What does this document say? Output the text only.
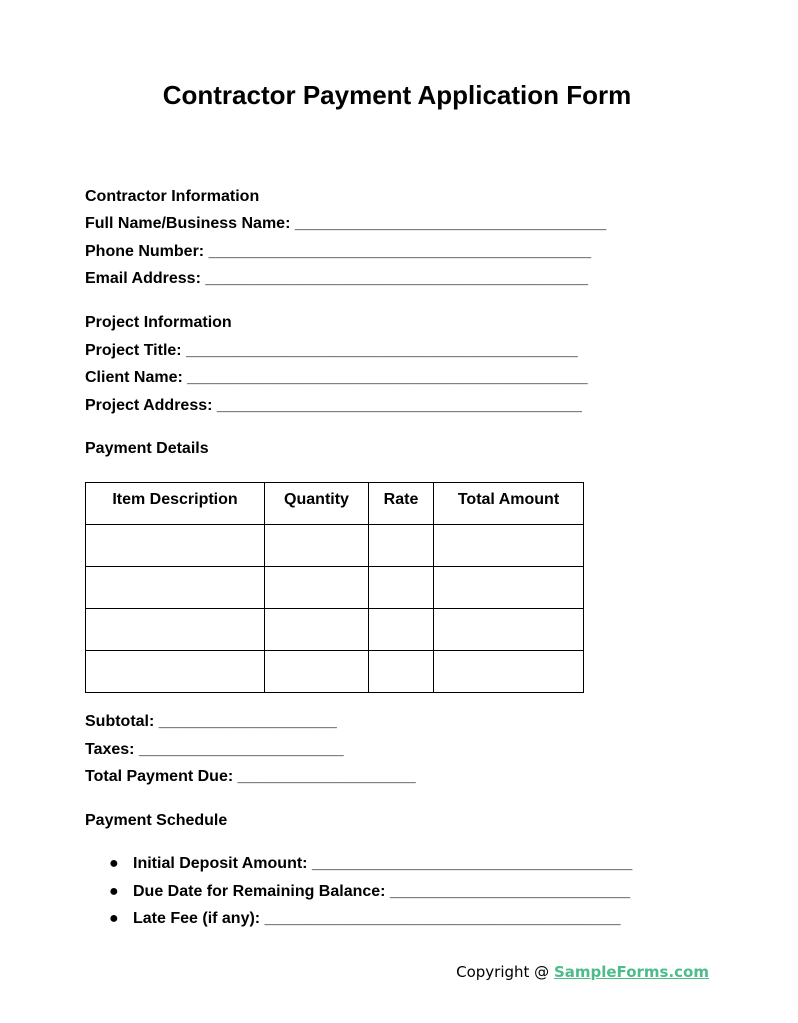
Contractor Payment Application Form
Contractor Information
Full Name/Business Name: ___________________________________
Phone Number: ___________________________________________
Email Address: ___________________________________________
Project Information
Project Title: ____________________________________________
Client Name: _____________________________________________
Project Address: _________________________________________
Payment Details
Item Description	Quantity	Rate	Total Amount

Subtotal: ____________________
Taxes: _______________________
Total Payment Due: ____________________
Payment Schedule
● Initial Deposit Amount: ____________________________________
● Due Date for Remaining Balance: ___________________________
● Late Fee (if any): ________________________________________
Copyright @ SampleForms.com
